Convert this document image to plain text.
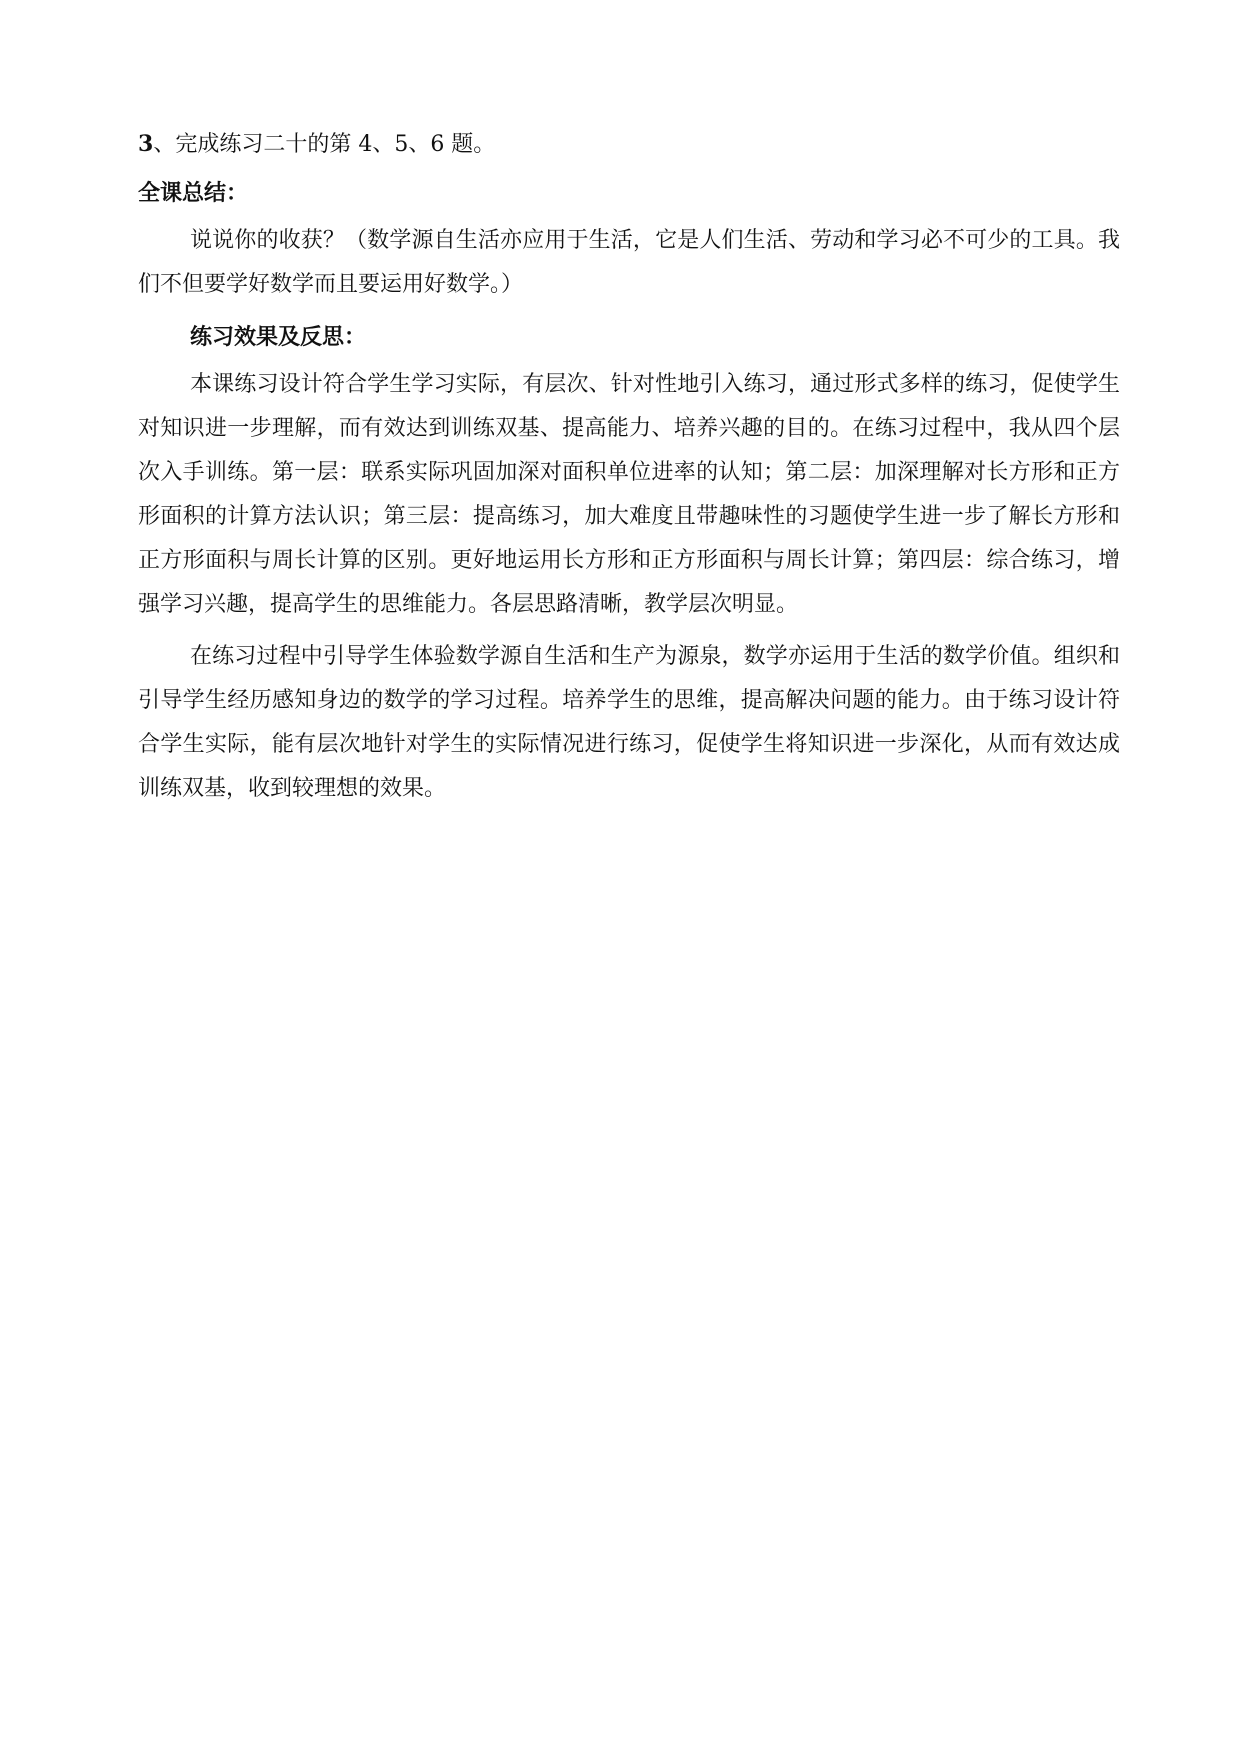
3、完成练习二十的第 4、5、6 题。
全课总结：

说说你的收获？（数学源自生活亦应用于生活，它是人们生活、劳动和学习必不可少的工具。我们不但要学好数学而且要运用好数学。）

练习效果及反思：

本课练习设计符合学生学习实际，有层次、针对性地引入练习，通过形式多样的练习，促使学生对知识进一步理解，而有效达到训练双基、提高能力、培养兴趣的目的。在练习过程中，我从四个层次入手训练。第一层：联系实际巩固加深对面积单位进率的认知；第二层：加深理解对长方形和正方形面积的计算方法认识；第三层：提高练习，加大难度且带趣味性的习题使学生进一步了解长方形和正方形面积与周长计算的区别。更好地运用长方形和正方形面积与周长计算；第四层：综合练习，增强学习兴趣，提高学生的思维能力。各层思路清晰，教学层次明显。

在练习过程中引导学生体验数学源自生活和生产为源泉，数学亦运用于生活的数学价值。组织和引导学生经历感知身边的数学的学习过程。培养学生的思维，提高解决问题的能力。由于练习设计符合学生实际，能有层次地针对学生的实际情况进行练习，促使学生将知识进一步深化，从而有效达成训练双基，收到较理想的效果。
